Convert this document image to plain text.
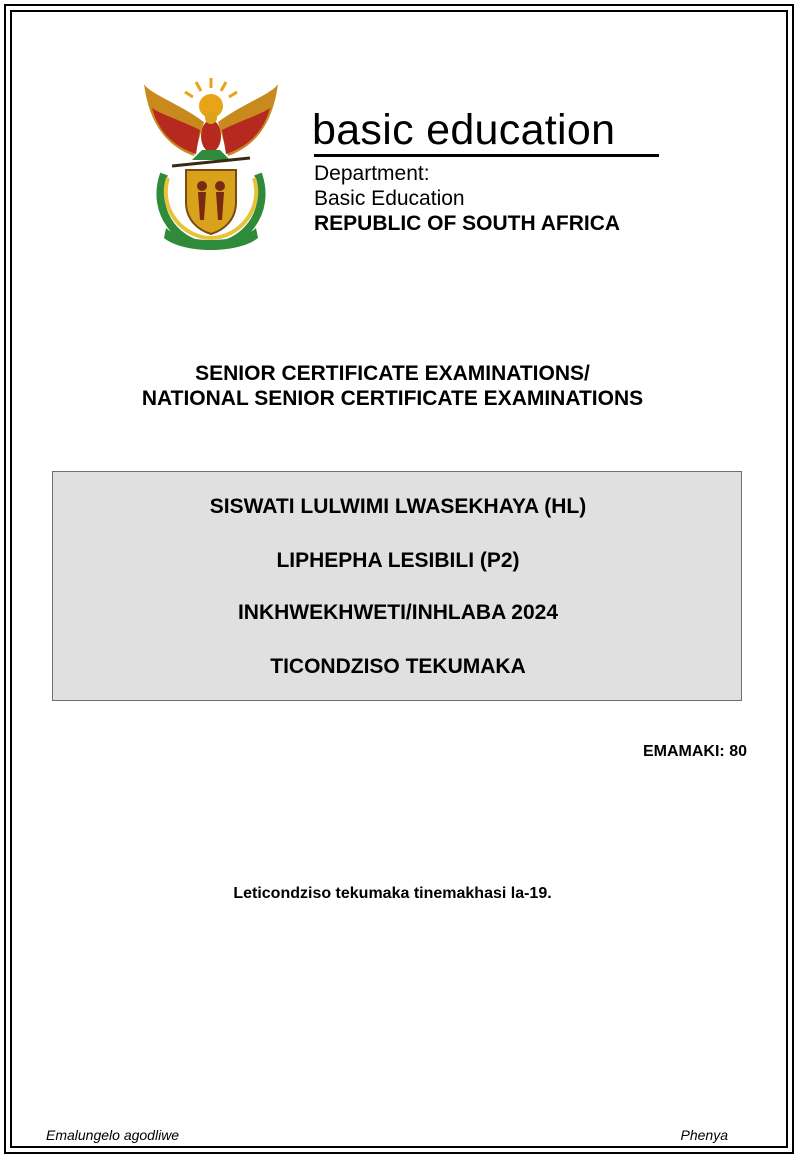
basic education
Department:
Basic Education
REPUBLIC OF SOUTH AFRICA
SENIOR CERTIFICATE EXAMINATIONS/
NATIONAL SENIOR CERTIFICATE EXAMINATIONS
SISWATI LULWIMI LWASEKHAYA (HL)
LIPHEPHA LESIBILI (P2)
INKHWEKHWETI/INHLABA 2024
TICONDZISO TEKUMAKA
EMAMAKI: 80
Leticondziso tekumaka tinemakhasi la-19.
Emalungelo agodliwe	Phenya
